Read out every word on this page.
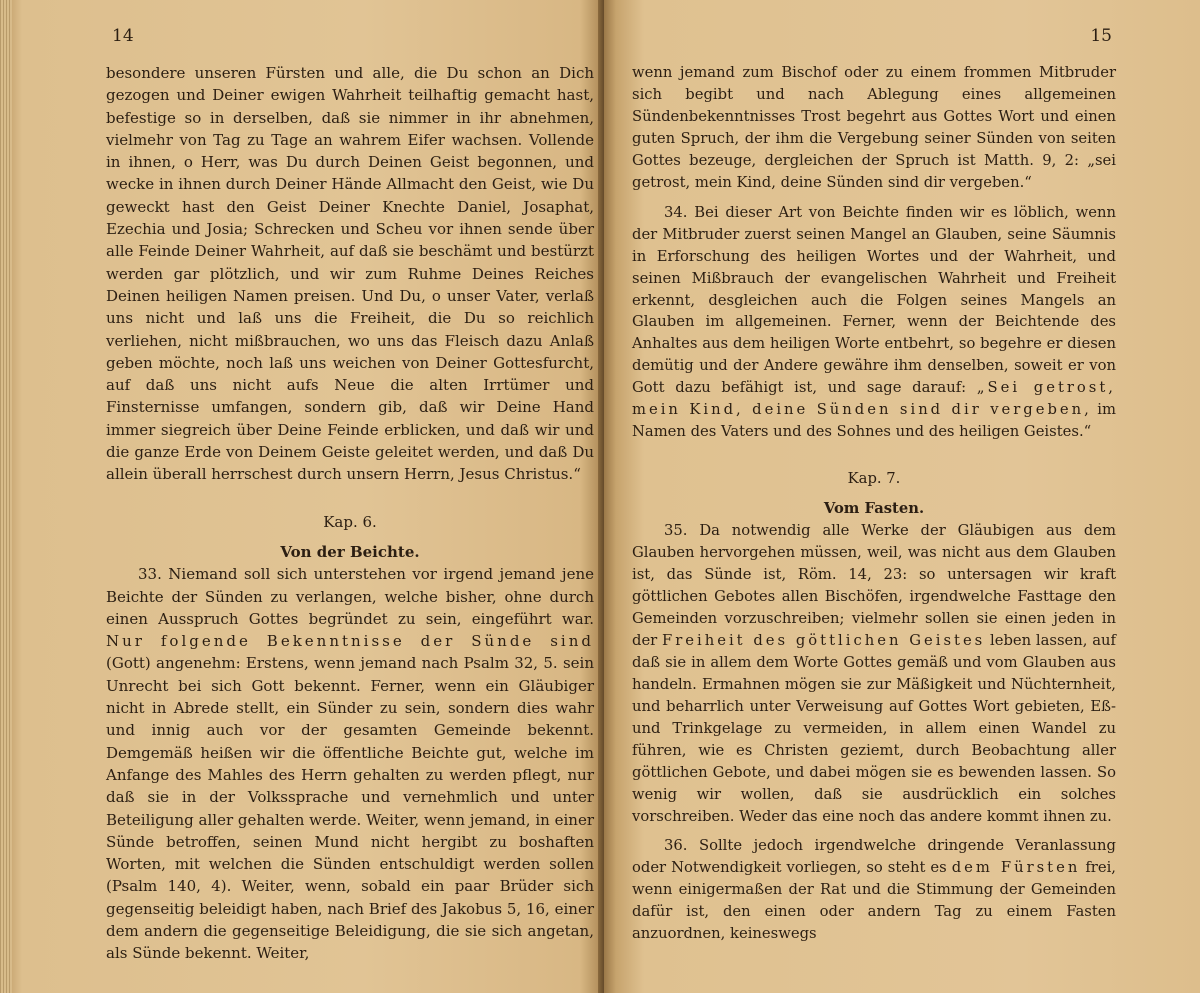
14

besondere unseren Fürsten und alle, die Du schon an Dich gezogen und Deiner ewigen Wahrheit teilhaftig gemacht hast, befestige so in derselben, daß sie nimmer in ihr abnehmen, vielmehr von Tag zu Tage an wahrem Eifer wachsen. Vollende in ihnen, o Herr, was Du durch Deinen Geist begonnen, und wecke in ihnen durch Deiner Hände Allmacht den Geist, wie Du geweckt hast den Geist Deiner Knechte Daniel, Josaphat, Ezechia und Josia; Schrecken und Scheu vor ihnen sende über alle Feinde Deiner Wahrheit, auf daß sie beschämt und bestürzt werden gar plötzlich, und wir zum Ruhme Deines Reiches Deinen heiligen Namen preisen. Und Du, o unser Vater, verlaß uns nicht und laß uns die Freiheit, die Du so reichlich verliehen, nicht mißbrauchen, wo uns das Fleisch dazu Anlaß geben möchte, noch laß uns weichen von Deiner Gottesfurcht, auf daß uns nicht aufs Neue die alten Irrtümer und Finsternisse umfangen, sondern gib, daß wir Deine Hand immer siegreich über Deine Feinde erblicken, und daß wir und die ganze Erde von Deinem Geiste geleitet werden, und daß Du allein überall herrschest durch unsern Herrn, Jesus Christus.“

Kap. 6.

Von der Beichte.

33. Niemand soll sich unterstehen vor irgend jemand jene Beichte der Sünden zu verlangen, welche bisher, ohne durch einen Ausspruch Gottes begründet zu sein, eingeführt war. Nur folgende Bekenntnisse der Sünde sind (Gott) angenehm: Erstens, wenn jemand nach Psalm 32, 5. sein Unrecht bei sich Gott bekennt. Ferner, wenn ein Gläubiger nicht in Abrede stellt, ein Sünder zu sein, sondern dies wahr und innig auch vor der gesamten Gemeinde bekennt. Demgemäß heißen wir die öffentliche Beichte gut, welche im Anfange des Mahles des Herrn gehalten zu werden pflegt, nur daß sie in der Volkssprache und vernehmlich und unter Beteiligung aller gehalten werde. Weiter, wenn jemand, in einer Sünde betroffen, seinen Mund nicht hergibt zu boshaften Worten, mit welchen die Sünden entschuldigt werden sollen (Psalm 140, 4). Weiter, wenn, sobald ein paar Brüder sich gegenseitig beleidigt haben, nach Brief des Jakobus 5, 16, einer dem andern die gegenseitige Beleidigung, die sie sich angetan, als Sünde bekennt. Weiter,

15

wenn jemand zum Bischof oder zu einem frommen Mitbruder sich begibt und nach Ablegung eines allgemeinen Sündenbekenntnisses Trost begehrt aus Gottes Wort und einen guten Spruch, der ihm die Vergebung seiner Sünden von seiten Gottes bezeuge, dergleichen der Spruch ist Matth. 9, 2: „sei getrost, mein Kind, deine Sünden sind dir vergeben.“

34. Bei dieser Art von Beichte finden wir es löblich, wenn der Mitbruder zuerst seinen Mangel an Glauben, seine Säumnis in Erforschung des heiligen Wortes und der Wahrheit, und seinen Mißbrauch der evangelischen Wahrheit und Freiheit erkennt, desgleichen auch die Folgen seines Mangels an Glauben im allgemeinen. Ferner, wenn der Beichtende des Anhaltes aus dem heiligen Worte entbehrt, so begehre er diesen demütig und der Andere gewähre ihm denselben, soweit er von Gott dazu befähigt ist, und sage darauf: „Sei getrost, mein Kind, deine Sünden sind dir vergeben, im Namen des Vaters und des Sohnes und des heiligen Geistes.“

Kap. 7.

Vom Fasten.

35. Da notwendig alle Werke der Gläubigen aus dem Glauben hervorgehen müssen, weil, was nicht aus dem Glauben ist, das Sünde ist, Röm. 14, 23: so untersagen wir kraft göttlichen Gebotes allen Bischöfen, irgendwelche Fasttage den Gemeinden vorzuschreiben; vielmehr sollen sie einen jeden in der Freiheit des göttlichen Geistes leben lassen, auf daß sie in allem dem Worte Gottes gemäß und vom Glauben aus handeln. Ermahnen mögen sie zur Mäßigkeit und Nüchternheit, und beharrlich unter Verweisung auf Gottes Wort gebieten, Eß- und Trinkgelage zu vermeiden, in allem einen Wandel zu führen, wie es Christen geziemt, durch Beobachtung aller göttlichen Gebote, und dabei mögen sie es bewenden lassen. So wenig wir wollen, daß sie ausdrücklich ein solches vorschreiben. Weder das eine noch das andere kommt ihnen zu.

36. Sollte jedoch irgendwelche dringende Veranlassung oder Notwendigkeit vorliegen, so steht es dem Fürsten frei, wenn einigermaßen der Rat und die Stimmung der Gemeinden dafür ist, den einen oder andern Tag zu einem Fasten anzuordnen, keineswegs
